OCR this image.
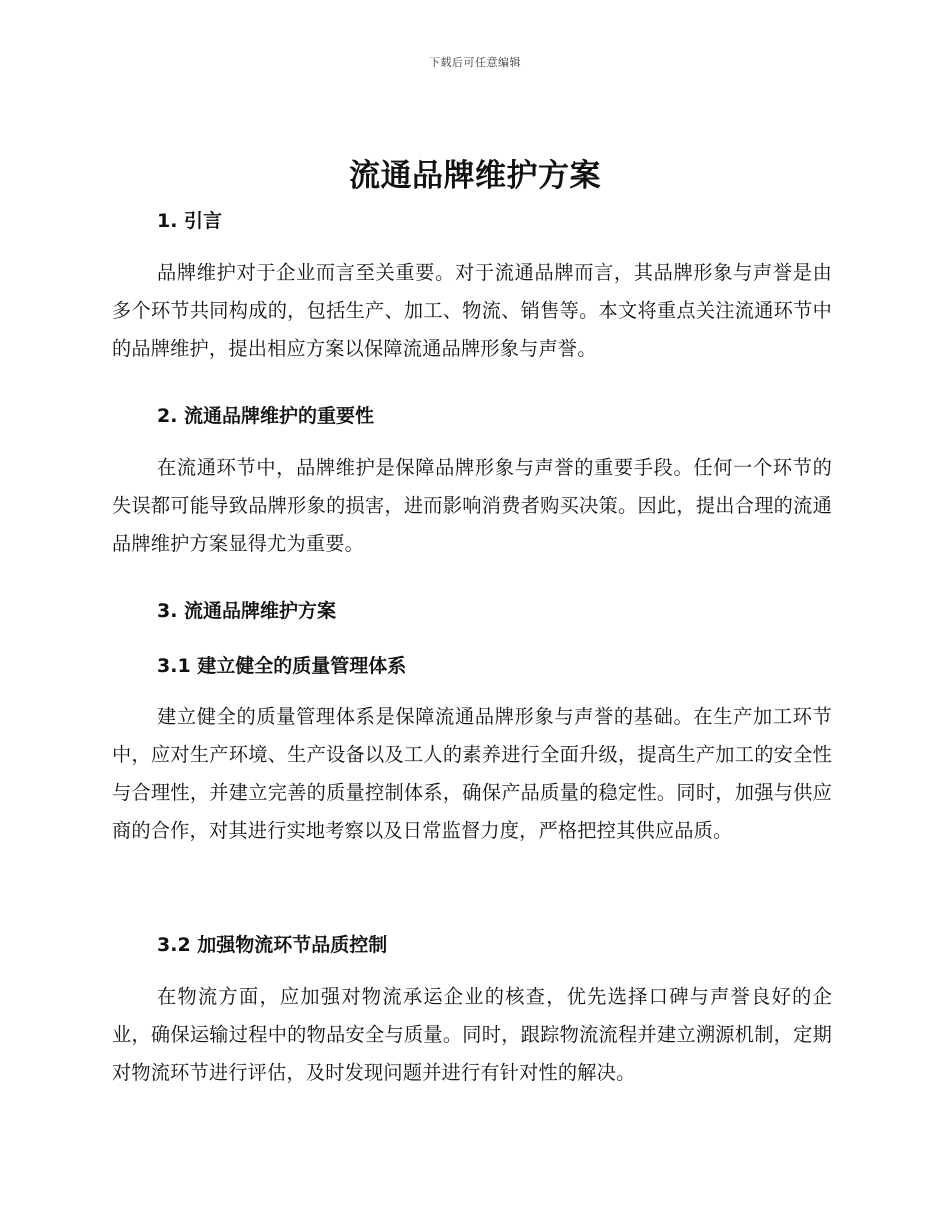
下载后可任意编辑
流通品牌维护方案
1. 引言

品牌维护对于企业而言至关重要。对于流通品牌而言，其品牌形象与声誉是由多个环节共同构成的，包括生产、加工、物流、销售等。本文将重点关注流通环节中的品牌维护，提出相应方案以保障流通品牌形象与声誉。

2. 流通品牌维护的重要性

在流通环节中，品牌维护是保障品牌形象与声誉的重要手段。任何一个环节的失误都可能导致品牌形象的损害，进而影响消费者购买决策。因此，提出合理的流通品牌维护方案显得尤为重要。

3. 流通品牌维护方案
3.1 建立健全的质量管理体系

建立健全的质量管理体系是保障流通品牌形象与声誉的基础。在生产加工环节中，应对生产环境、生产设备以及工人的素养进行全面升级，提高生产加工的安全性与合理性，并建立完善的质量控制体系，确保产品质量的稳定性。同时，加强与供应商的合作，对其进行实地考察以及日常监督力度，严格把控其供应品质。

3.2 加强物流环节品质控制

在物流方面，应加强对物流承运企业的核查，优先选择口碑与声誉良好的企业，确保运输过程中的物品安全与质量。同时，跟踪物流流程并建立溯源机制，定期对物流环节进行评估，及时发现问题并进行有针对性的解决。
